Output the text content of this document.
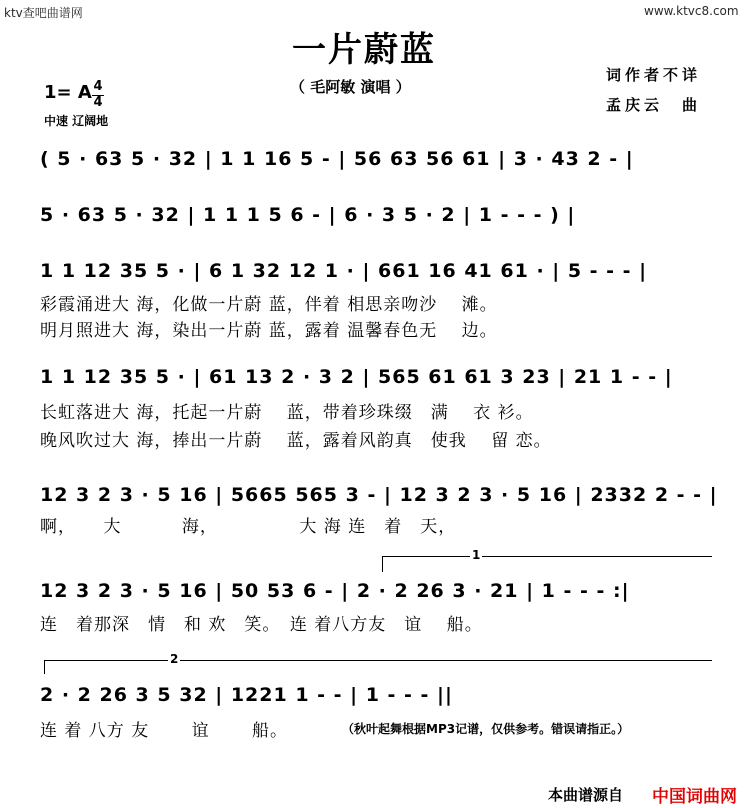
ktv查吧曲谱网	www.ktvc8.com
一片蔚蓝
（ 毛阿敏 演唱 ）
词作者不详
孟庆云　曲
1= A 4
4
中速 辽阔地
( 5 · 63 5 · 32 | 1 1 16 5 - | 56 63 56 61 | 3 · 43 2 - |
5 · 63 5 · 32 | 1 1 1 5 6 - | 6 · 3 5 · 2 | 1 - - - ) |
1 1 12 35 5 · | 6 1 32 12 1 · | 661 16 41 61 · | 5 - - - |
彩霞涌进大 海，化做一片蔚 蓝，伴着 相思亲吻沙　 滩。
明月照进大 海，染出一片蔚 蓝，露着 温馨春色无　 边。
1 1 12 35 5 · | 61 13 2 · 3 2 | 565 61 61 3 23 | 21 1 - - |
长虹落进大 海，托起一片蔚　 蓝，带着珍珠缀　满　 衣 衫。
晚风吹过大 海，捧出一片蔚　 蓝，露着风韵真　使我　 留 恋。
12 3 2 3 · 5 16 | 5665 565 3 - | 12 3 2 3 · 5 16 | 2332 2 - - |
啊，　　大　　　 海，　　　　　大 海 连　着　天，
1
12 3 2 3 · 5 16 | 50 53 6 - | 2 · 2 26 3 · 21 | 1 - - - :|
连　着那深　情　和 欢　笑。　连 着八方友　谊　 船。
2
2 · 2 26 3 5 32 | 1221 1 - - | 1 - - - ||
连 着 八方 友　　 谊　　 船。	（秋叶起舞根据MP3记谱，仅供参考。错误请指正。）
本曲谱源自 中国词曲网
